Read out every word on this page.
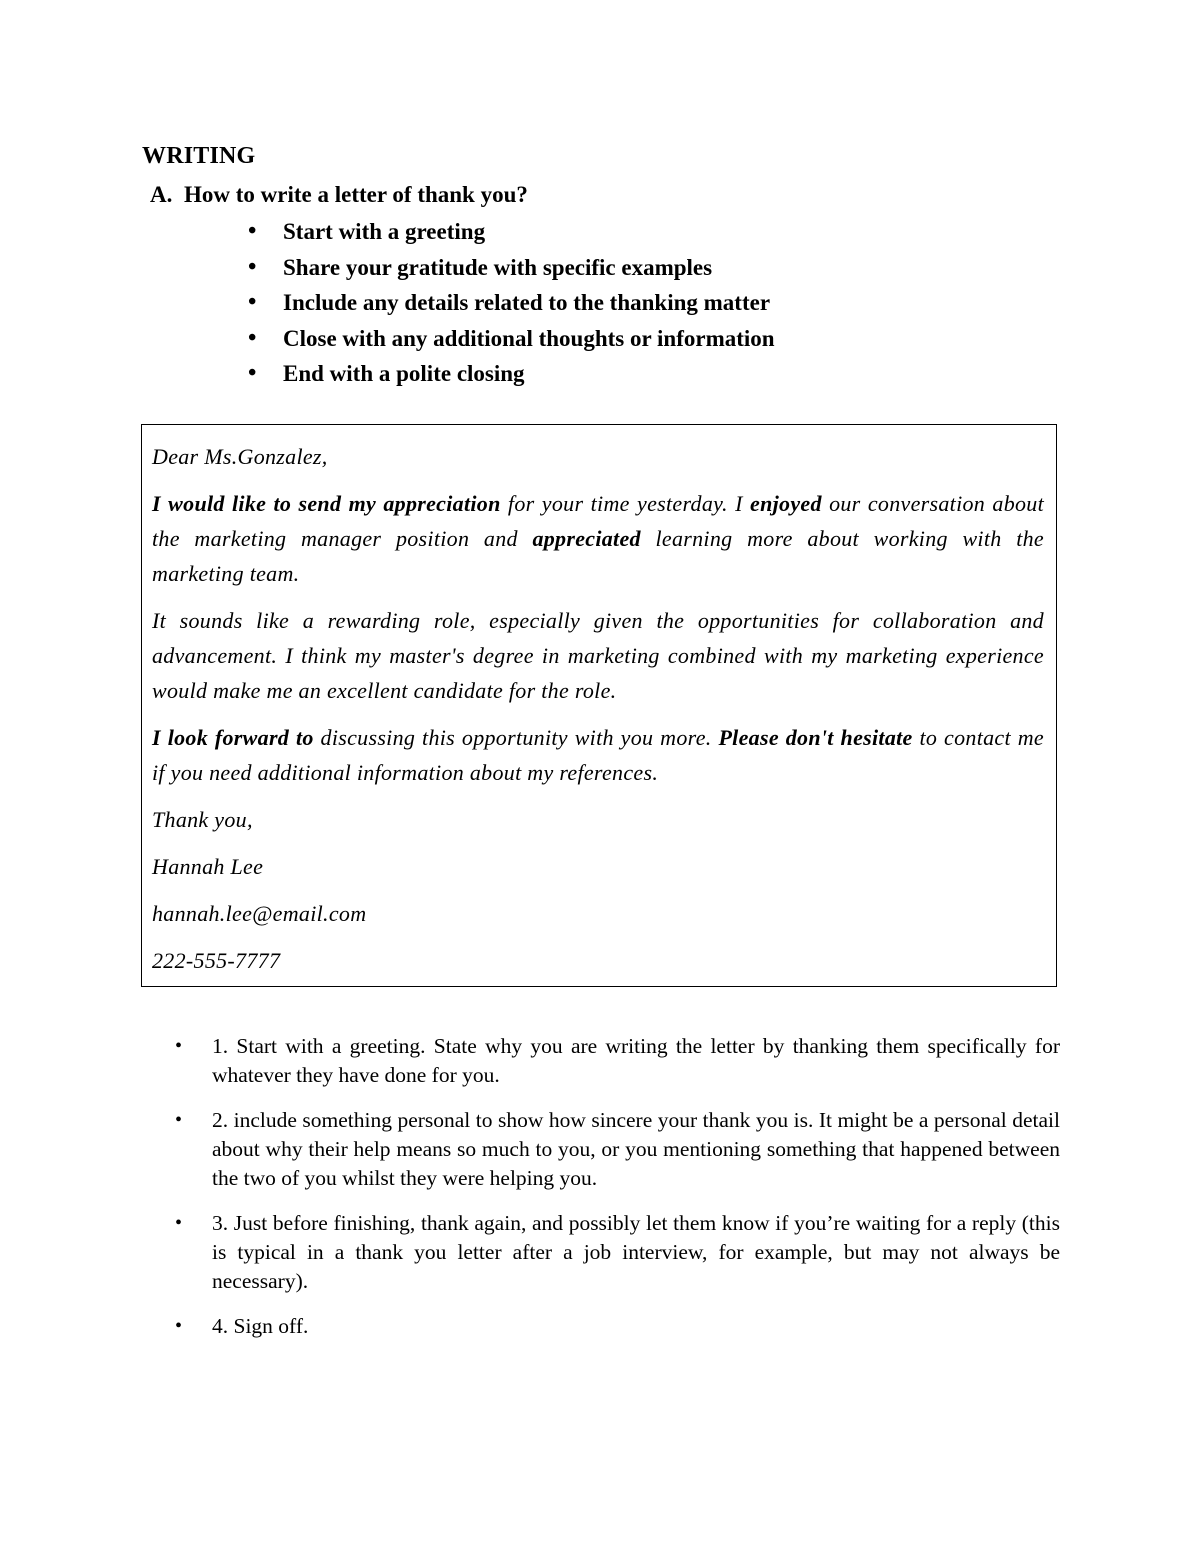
WRITING
A. How to write a letter of thank you?
• Start with a greeting
• Share your gratitude with specific examples
• Include any details related to the thanking matter
• Close with any additional thoughts or information
• End with a polite closing

Dear Ms.Gonzalez,

I would like to send my appreciation for your time yesterday. I enjoyed our conversation about the marketing manager position and appreciated learning more about working with the marketing team.

It sounds like a rewarding role, especially given the opportunities for collaboration and advancement. I think my master's degree in marketing combined with my marketing experience would make me an excellent candidate for the role.

I look forward to discussing this opportunity with you more. Please don't hesitate to contact me if you need additional information about my references.

Thank you,

Hannah Lee

hannah.lee@email.com

222-555-7777

• 1. Start with a greeting. State why you are writing the letter by thanking them specifically for whatever they have done for you.
• 2. include something personal to show how sincere your thank you is. It might be a personal detail about why their help means so much to you, or you mentioning something that happened between the two of you whilst they were helping you.
• 3. Just before finishing, thank again, and possibly let them know if you’re waiting for a reply (this is typical in a thank you letter after a job interview, for example, but may not always be necessary).
• 4. Sign off.
